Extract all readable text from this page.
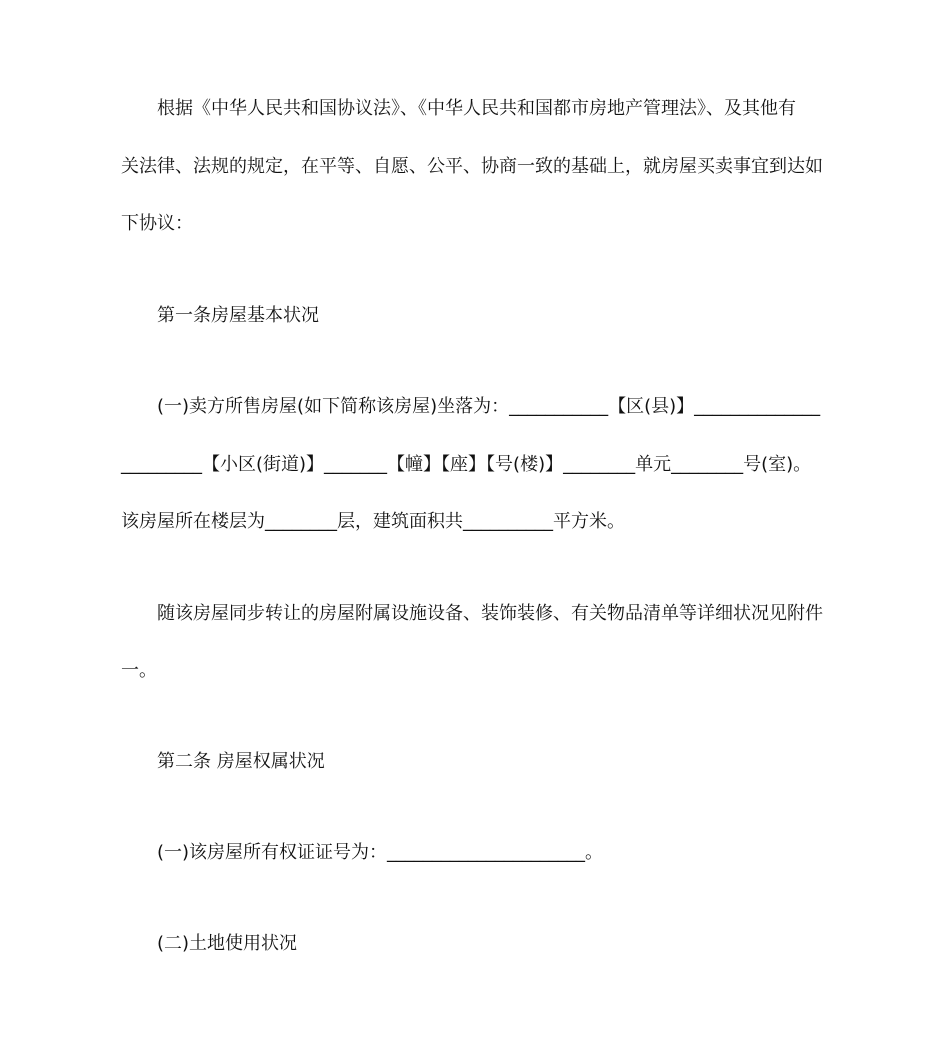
根据《中华人民共和国协议法》、《中华人民共和国都市房地产管理法》、及其他有
关法律、法规的规定，在平等、自愿、公平、协商一致的基础上，就房屋买卖事宜到达如
下协议：
第一条房屋基本状况
(一)卖方所售房屋(如下简称该房屋)坐落为：___________【区(县)】______________
_________【小区(街道)】_______【幢】【座】【号(楼)】________单元________号(室)。
该房屋所在楼层为________层，建筑面积共__________平方米。
随该房屋同步转让的房屋附属设施设备、装饰装修、有关物品清单等详细状况见附件
一。
第二条 房屋权属状况
(一)该房屋所有权证证号为：______________________。
(二)土地使用状况
